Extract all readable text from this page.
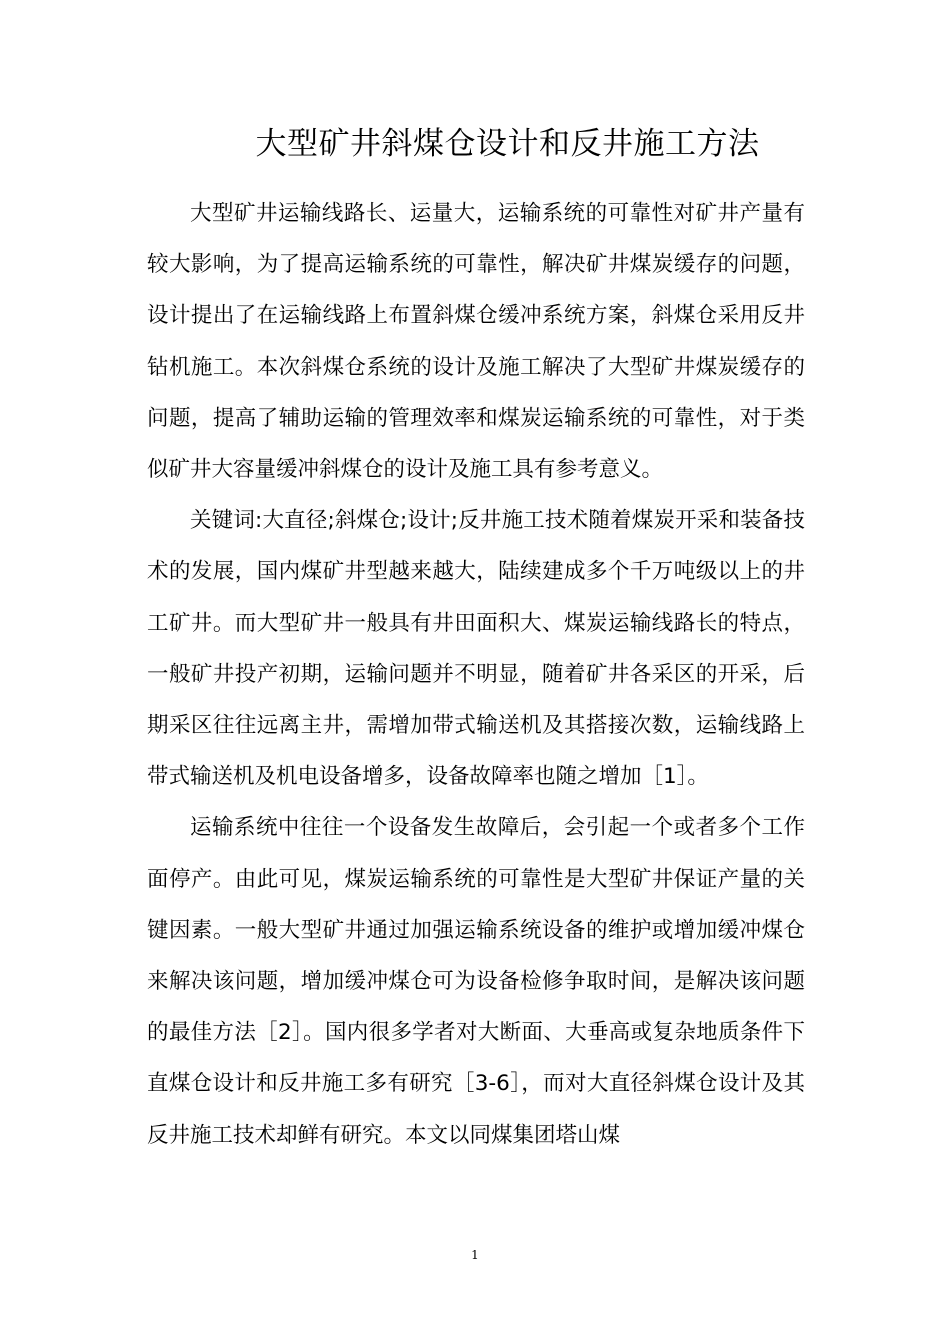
大型矿井斜煤仓设计和反井施工方法

大型矿井运输线路长、运量大，运输系统的可靠性对矿井产量有较大影响，为了提高运输系统的可靠性，解决矿井煤炭缓存的问题，设计提出了在运输线路上布置斜煤仓缓冲系统方案，斜煤仓采用反井钻机施工。本次斜煤仓系统的设计及施工解决了大型矿井煤炭缓存的问题，提高了辅助运输的管理效率和煤炭运输系统的可靠性，对于类似矿井大容量缓冲斜煤仓的设计及施工具有参考意义。

关键词:大直径;斜煤仓;设计;反井施工技术随着煤炭开采和装备技术的发展，国内煤矿井型越来越大，陆续建成多个千万吨级以上的井工矿井。而大型矿井一般具有井田面积大、煤炭运输线路长的特点，一般矿井投产初期，运输问题并不明显，随着矿井各采区的开采，后期采区往往远离主井，需增加带式输送机及其搭接次数，运输线路上带式输送机及机电设备增多，设备故障率也随之增加［1］。

运输系统中往往一个设备发生故障后，会引起一个或者多个工作面停产。由此可见，煤炭运输系统的可靠性是大型矿井保证产量的关键因素。一般大型矿井通过加强运输系统设备的维护或增加缓冲煤仓来解决该问题，增加缓冲煤仓可为设备检修争取时间，是解决该问题的最佳方法［2］。国内很多学者对大断面、大垂高或复杂地质条件下直煤仓设计和反井施工多有研究［3-6］，而对大直径斜煤仓设计及其反井施工技术却鲜有研究。本文以同煤集团塔山煤

1
